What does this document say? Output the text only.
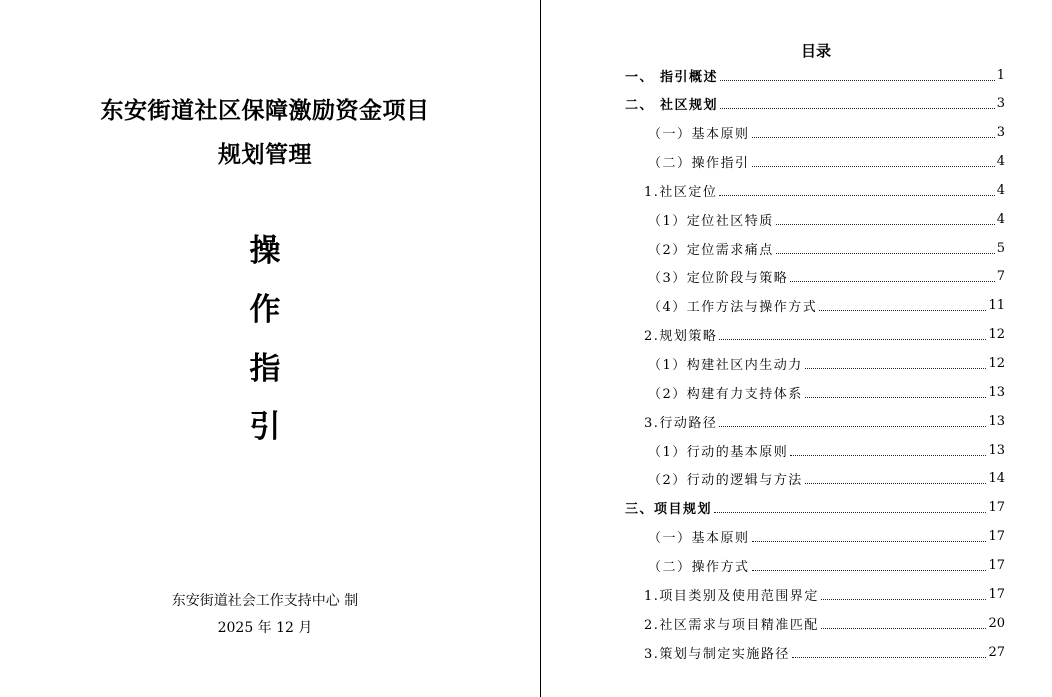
东安街道社区保障激励资金项目
规划管理
操
作
指
引
东安街道社会工作支持中心 制
2025 年 12 月
目录
一、 指引概述	1
二、 社区规划	3
（一）基本原则	3
（二）操作指引	4
1.社区定位	4
（1）定位社区特质	4
（2）定位需求痛点	5
（3）定位阶段与策略	7
（4）工作方法与操作方式	11
2.规划策略	12
（1）构建社区内生动力	12
（2）构建有力支持体系	13
3.行动路径	13
（1）行动的基本原则	13
（2）行动的逻辑与方法	14
三、项目规划	17
（一）基本原则	17
（二）操作方式	17
1.项目类别及使用范围界定	17
2.社区需求与项目精准匹配	20
3.策划与制定实施路径	27
